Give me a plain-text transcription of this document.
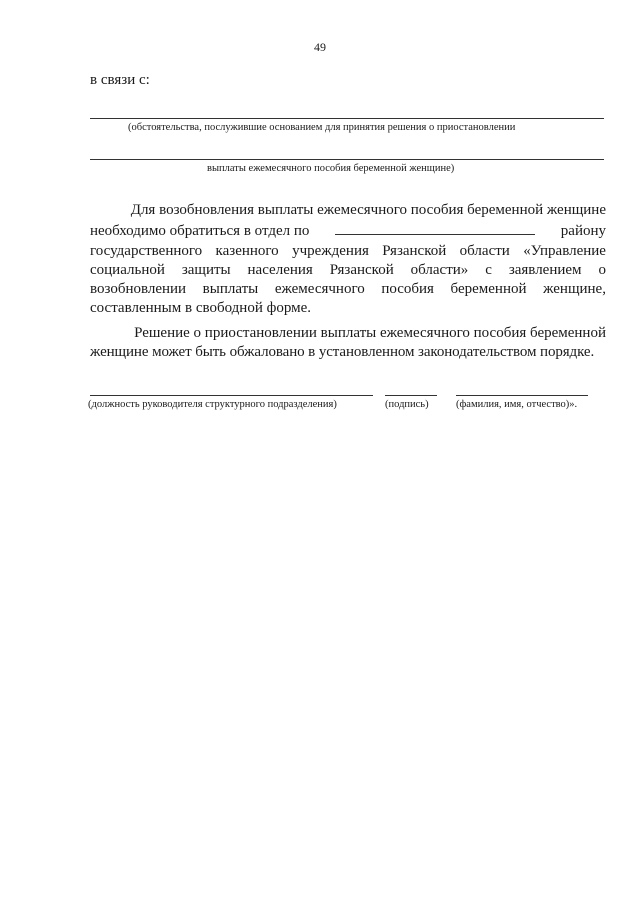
49
в связи с:
(обстоятельства, послужившие основанием для принятия решения о приостановлении
выплаты ежемесячного пособия беременной женщине)
Для возобновления выплаты ежемесячного пособия беременной женщине
необходимо обратиться в отдел по	району
государственного казенного учреждения Рязанской области «Управление
социальной защиты населения Рязанской области» с заявлением о
возобновлении выплаты ежемесячного пособия беременной женщине,
составленным в свободной форме.
Решение о приостановлении выплаты ежемесячного пособия беременной
женщине может быть обжаловано в установленном законодательством порядке.
(должность руководителя структурного подразделения)	(подпись)	(фамилия, имя, отчество)».
